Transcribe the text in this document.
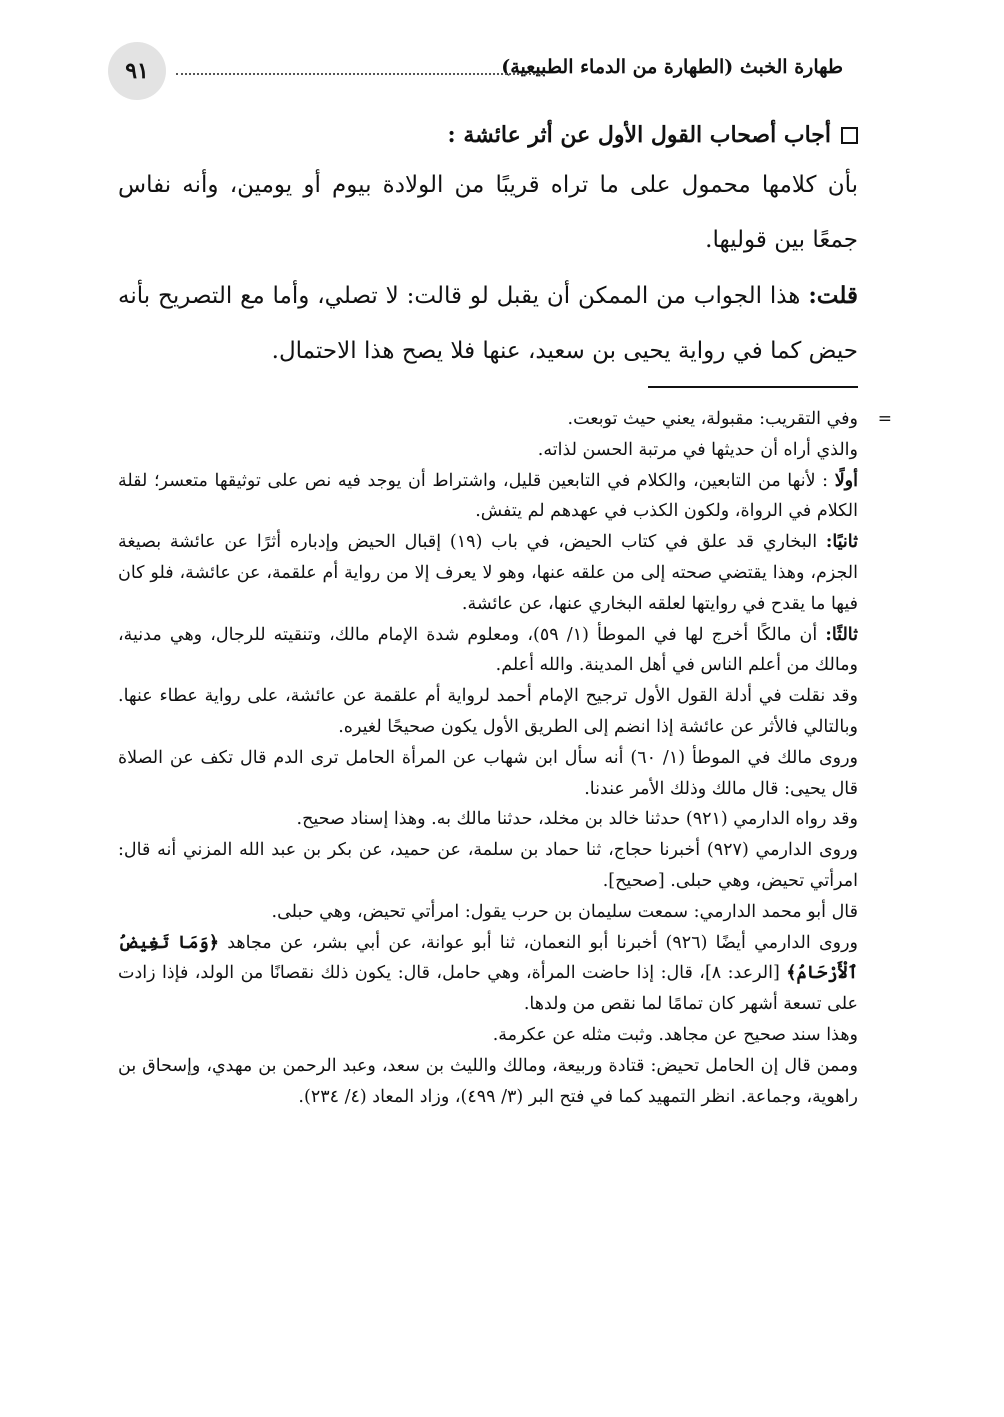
طهارة الخبث (الطهارة من الدماء الطبيعية)
٩١
أجاب أصحاب القول الأول عن أثر عائشة :

بأن كلامها محمول على ما تراه قريبًا من الولادة بيوم أو يومين، وأنه نفاس جمعًا بين قوليها.

قلت: هذا الجواب من الممكن أن يقبل لو قالت: لا تصلي، وأما مع التصريح بأنه حيض كما في رواية يحيى بن سعيد، عنها فلا يصح هذا الاحتمال.

=
وفي التقريب: مقبولة، يعني حيث توبعت.

والذي أراه أن حديثها في مرتبة الحسن لذاته.

أولًا : لأنها من التابعين، والكلام في التابعين قليل، واشتراط أن يوجد فيه نص على توثيقها متعسر؛ لقلة الكلام في الرواة، ولكون الكذب في عهدهم لم يتفش.

ثانيًا: البخاري قد علق في كتاب الحيض، في باب (١٩) إقبال الحيض وإدباره أثرًا عن عائشة بصيغة الجزم، وهذا يقتضي صحته إلى من علقه عنها، وهو لا يعرف إلا من رواية أم علقمة، عن عائشة، فلو كان فيها ما يقدح في روايتها لعلقه البخاري عنها، عن عائشة.

ثالثًا: أن مالكًا أخرج لها في الموطأ (١/ ٥٩)، ومعلوم شدة الإمام مالك، وتنقيته للرجال، وهي مدنية، ومالك من أعلم الناس في أهل المدينة. والله أعلم.

وقد نقلت في أدلة القول الأول ترجيح الإمام أحمد لرواية أم علقمة عن عائشة، على رواية عطاء عنها. وبالتالي فالأثر عن عائشة إذا انضم إلى الطريق الأول يكون صحيحًا لغيره.

وروى مالك في الموطأ (١/ ٦٠) أنه سأل ابن شهاب عن المرأة الحامل ترى الدم قال تكف عن الصلاة قال يحيى: قال مالك وذلك الأمر عندنا.

وقد رواه الدارمي (٩٢١) حدثنا خالد بن مخلد، حدثنا مالك به. وهذا إسناد صحيح.

وروى الدارمي (٩٢٧) أخبرنا حجاج، ثنا حماد بن سلمة، عن حميد، عن بكر بن عبد الله المزني أنه قال: امرأتي تحيض، وهي حبلى. [صحيح].

قال أبو محمد الدارمي: سمعت سليمان بن حرب يقول: امرأتي تحيض، وهي حبلى.

وروى الدارمي أيضًا (٩٢٦) أخبرنا أبو النعمان، ثنا أبو عوانة، عن أبي بشر، عن مجاهد ﴿وَمَا تَغِيضُ ٱلْأَرْحَامُ﴾ [الرعد: ٨]، قال: إذا حاضت المرأة، وهي حامل، قال: يكون ذلك نقصانًا من الولد، فإذا زادت على تسعة أشهر كان تمامًا لما نقص من ولدها.

وهذا سند صحيح عن مجاهد. وثبت مثله عن عكرمة.

وممن قال إن الحامل تحيض: قتادة وربيعة، ومالك والليث بن سعد، وعبد الرحمن بن مهدي، وإسحاق بن راهوية، وجماعة. انظر التمهيد كما في فتح البر (٣/ ٤٩٩)، وزاد المعاد (٤/ ٢٣٤).
